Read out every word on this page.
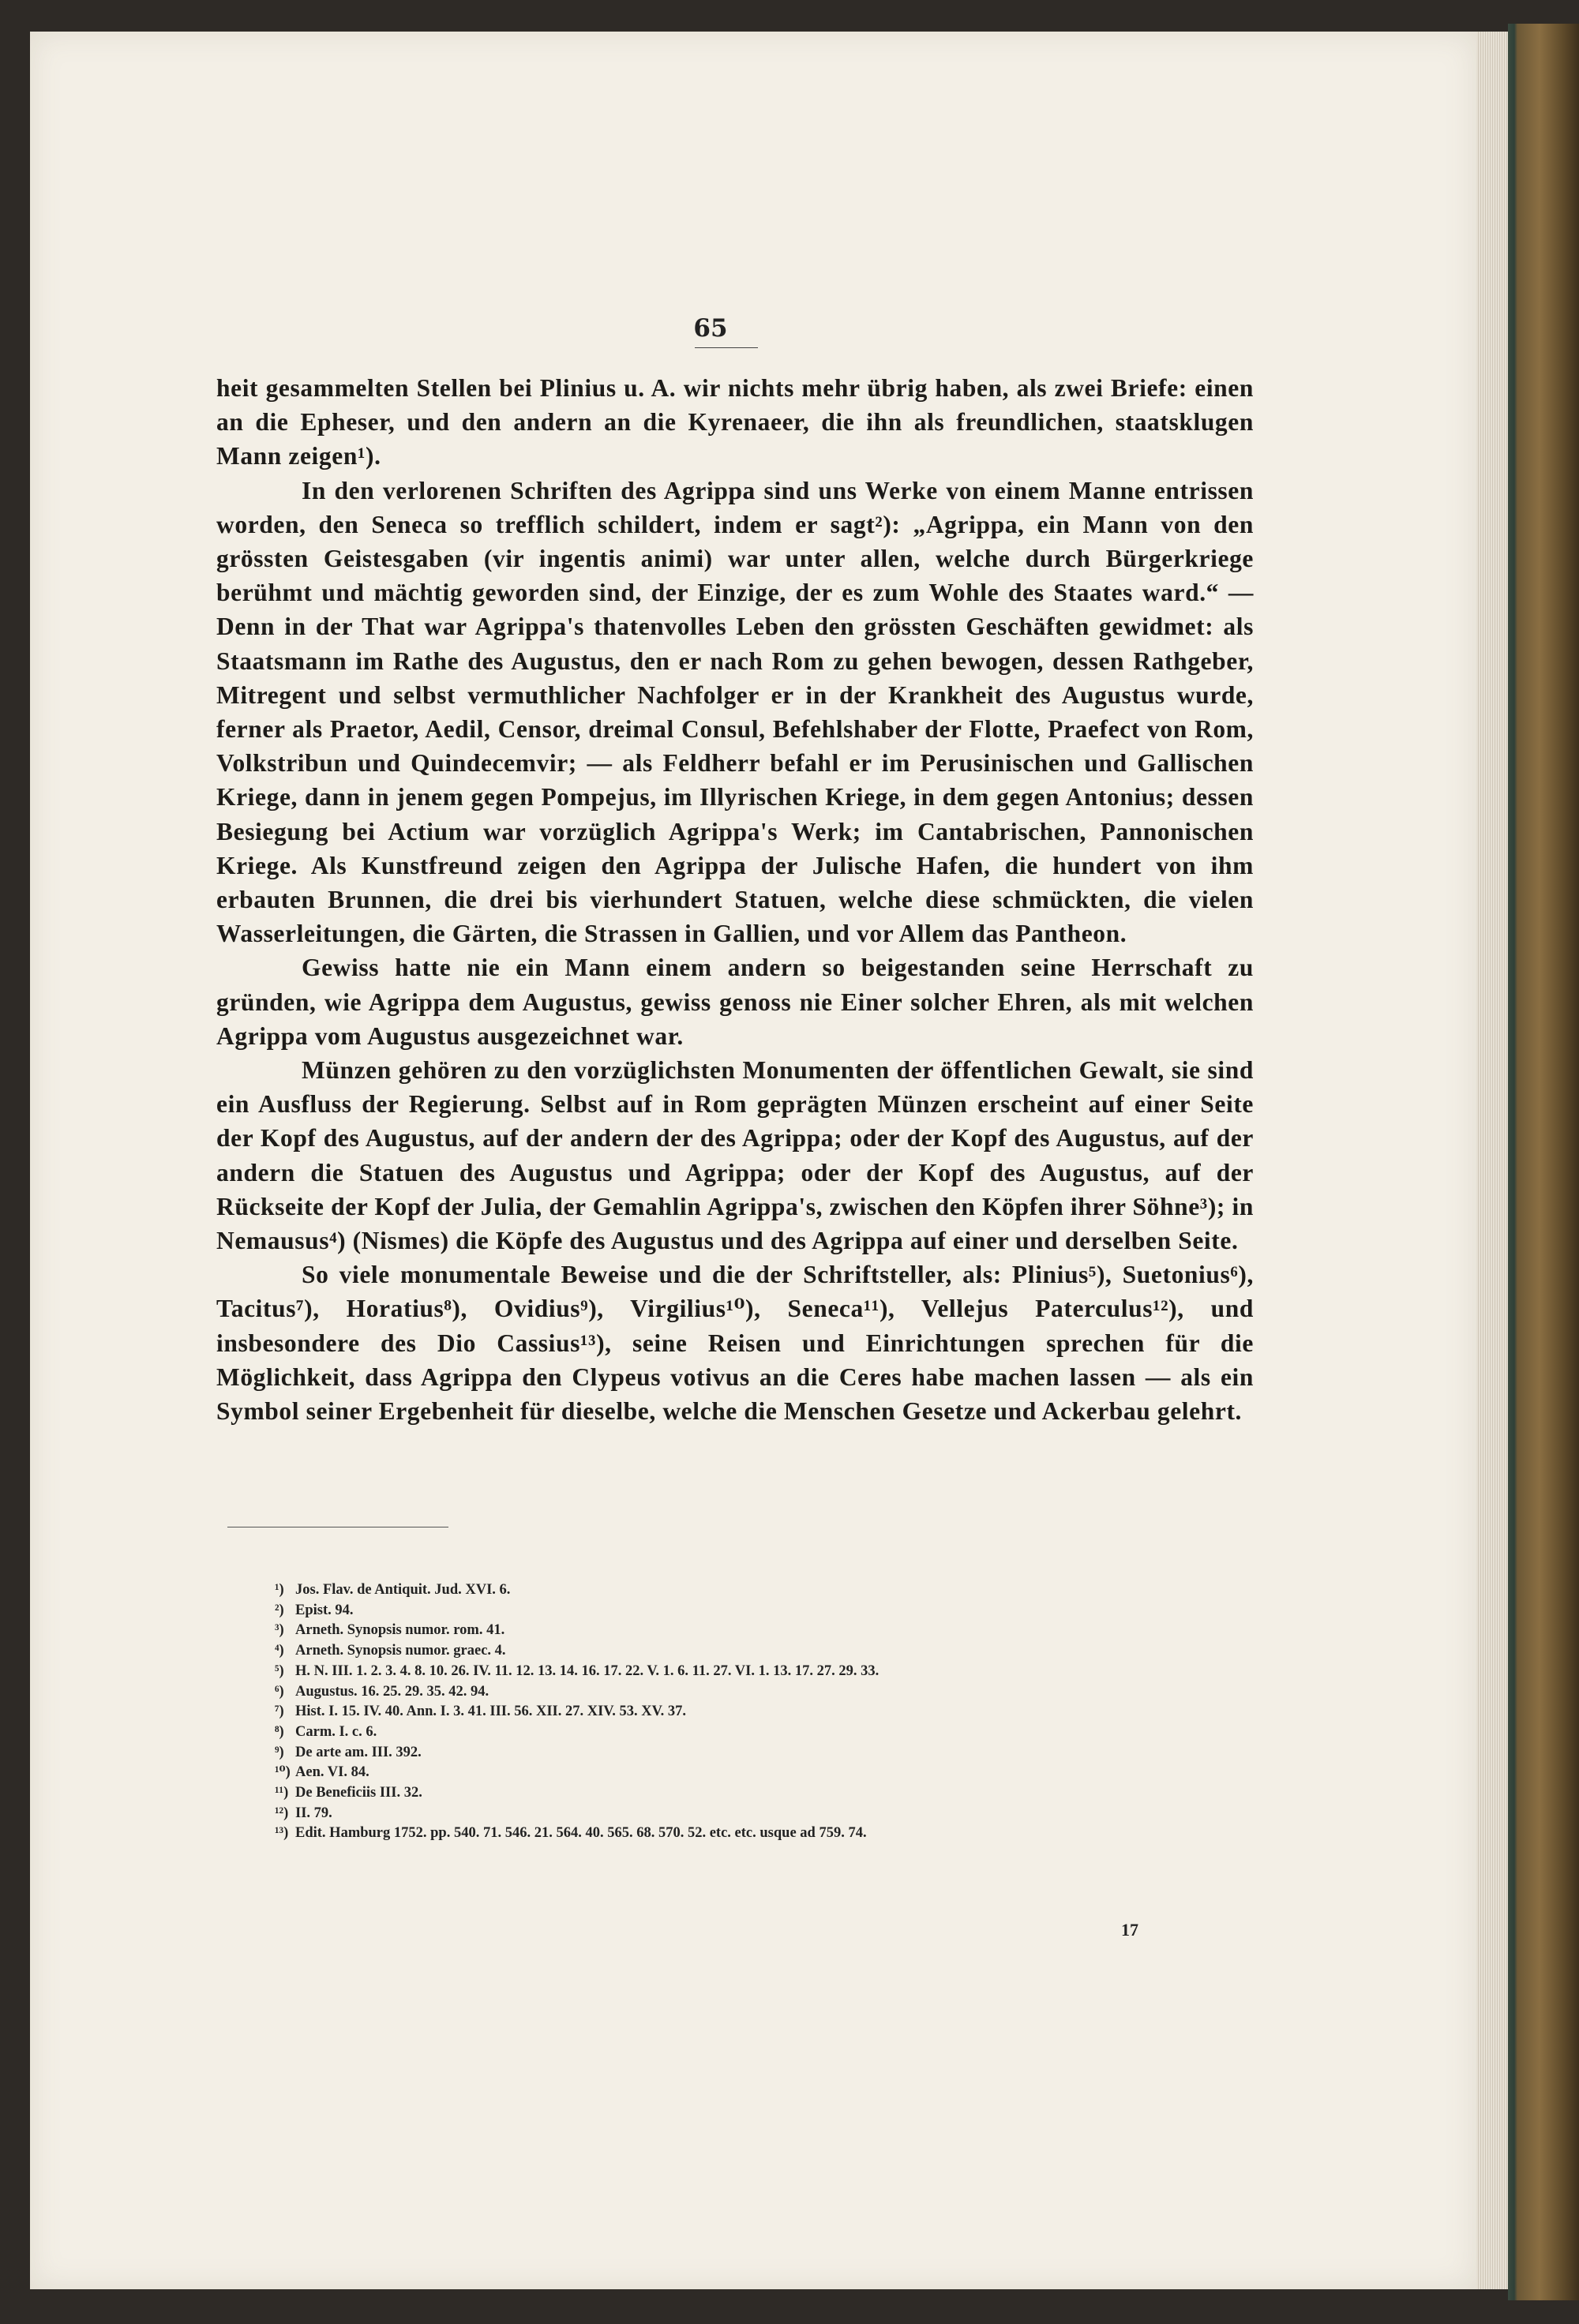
65

heit gesammelten Stellen bei Plinius u. A. wir nichts mehr übrig haben, als zwei Briefe: einen an die Epheser, und den andern an die Kyrenaeer, die ihn als freundlichen, staatsklugen Mann zeigen¹).

In den verlorenen Schriften des Agrippa sind uns Werke von einem Manne entrissen worden, den Seneca so trefflich schildert, indem er sagt²): „Agrippa, ein Mann von den grössten Geistesgaben (vir ingentis animi) war unter allen, welche durch Bürgerkriege berühmt und mächtig geworden sind, der Einzige, der es zum Wohle des Staates ward.“ — Denn in der That war Agrippa's thatenvolles Leben den grössten Geschäften gewidmet: als Staatsmann im Rathe des Augustus, den er nach Rom zu gehen bewogen, dessen Rathgeber, Mitregent und selbst vermuthlicher Nachfolger er in der Krankheit des Augustus wurde, ferner als Praetor, Aedil, Censor, dreimal Consul, Befehlshaber der Flotte, Praefect von Rom, Volkstribun und Quindecemvir; — als Feldherr befahl er im Perusinischen und Gallischen Kriege, dann in jenem gegen Pompejus, im Illyrischen Kriege, in dem gegen Antonius; dessen Besiegung bei Actium war vorzüglich Agrippa's Werk; im Cantabrischen, Pannonischen Kriege. Als Kunstfreund zeigen den Agrippa der Julische Hafen, die hundert von ihm erbauten Brunnen, die drei bis vierhundert Statuen, welche diese schmückten, die vielen Wasserleitungen, die Gärten, die Strassen in Gallien, und vor Allem das Pantheon.

Gewiss hatte nie ein Mann einem andern so beigestanden seine Herrschaft zu gründen, wie Agrippa dem Augustus, gewiss genoss nie Einer solcher Ehren, als mit welchen Agrippa vom Augustus ausgezeichnet war.

Münzen gehören zu den vorzüglichsten Monumenten der öffentlichen Gewalt, sie sind ein Ausfluss der Regierung. Selbst auf in Rom geprägten Münzen erscheint auf einer Seite der Kopf des Augustus, auf der andern der des Agrippa; oder der Kopf des Augustus, auf der andern die Statuen des Augustus und Agrippa; oder der Kopf des Augustus, auf der Rückseite der Kopf der Julia, der Gemahlin Agrippa's, zwischen den Köpfen ihrer Söhne³); in Nemausus⁴) (Nismes) die Köpfe des Augustus und des Agrippa auf einer und derselben Seite.

So viele monumentale Beweise und die der Schriftsteller, als: Plinius⁵), Suetonius⁶), Tacitus⁷), Horatius⁸), Ovidius⁹), Virgilius¹⁰), Seneca¹¹), Vellejus Paterculus¹²), und insbesondere des Dio Cassius¹³), seine Reisen und Einrichtungen sprechen für die Möglichkeit, dass Agrippa den Clypeus votivus an die Ceres habe machen lassen — als ein Symbol seiner Ergebenheit für dieselbe, welche die Menschen Gesetze und Ackerbau gelehrt.

¹) Jos. Flav. de Antiquit. Jud. XVI. 6.
²) Epist. 94.
³) Arneth. Synopsis numor. rom. 41.
⁴) Arneth. Synopsis numor. graec. 4.
⁵) H. N. III. 1. 2. 3. 4. 8. 10. 26. IV. 11. 12. 13. 14. 16. 17. 22. V. 1. 6. 11. 27. VI. 1. 13. 17. 27. 29. 33.
⁶) Augustus. 16. 25. 29. 35. 42. 94.
⁷) Hist. I. 15. IV. 40. Ann. I. 3. 41. III. 56. XII. 27. XIV. 53. XV. 37.
⁸) Carm. I. c. 6.
⁹) De arte am. III. 392.
¹⁰) Aen. VI. 84.
¹¹) De Beneficiis III. 32.
¹²) II. 79.
¹³) Edit. Hamburg 1752. pp. 540. 71. 546. 21. 564. 40. 565. 68. 570. 52. etc. etc. usque ad 759. 74.
17
